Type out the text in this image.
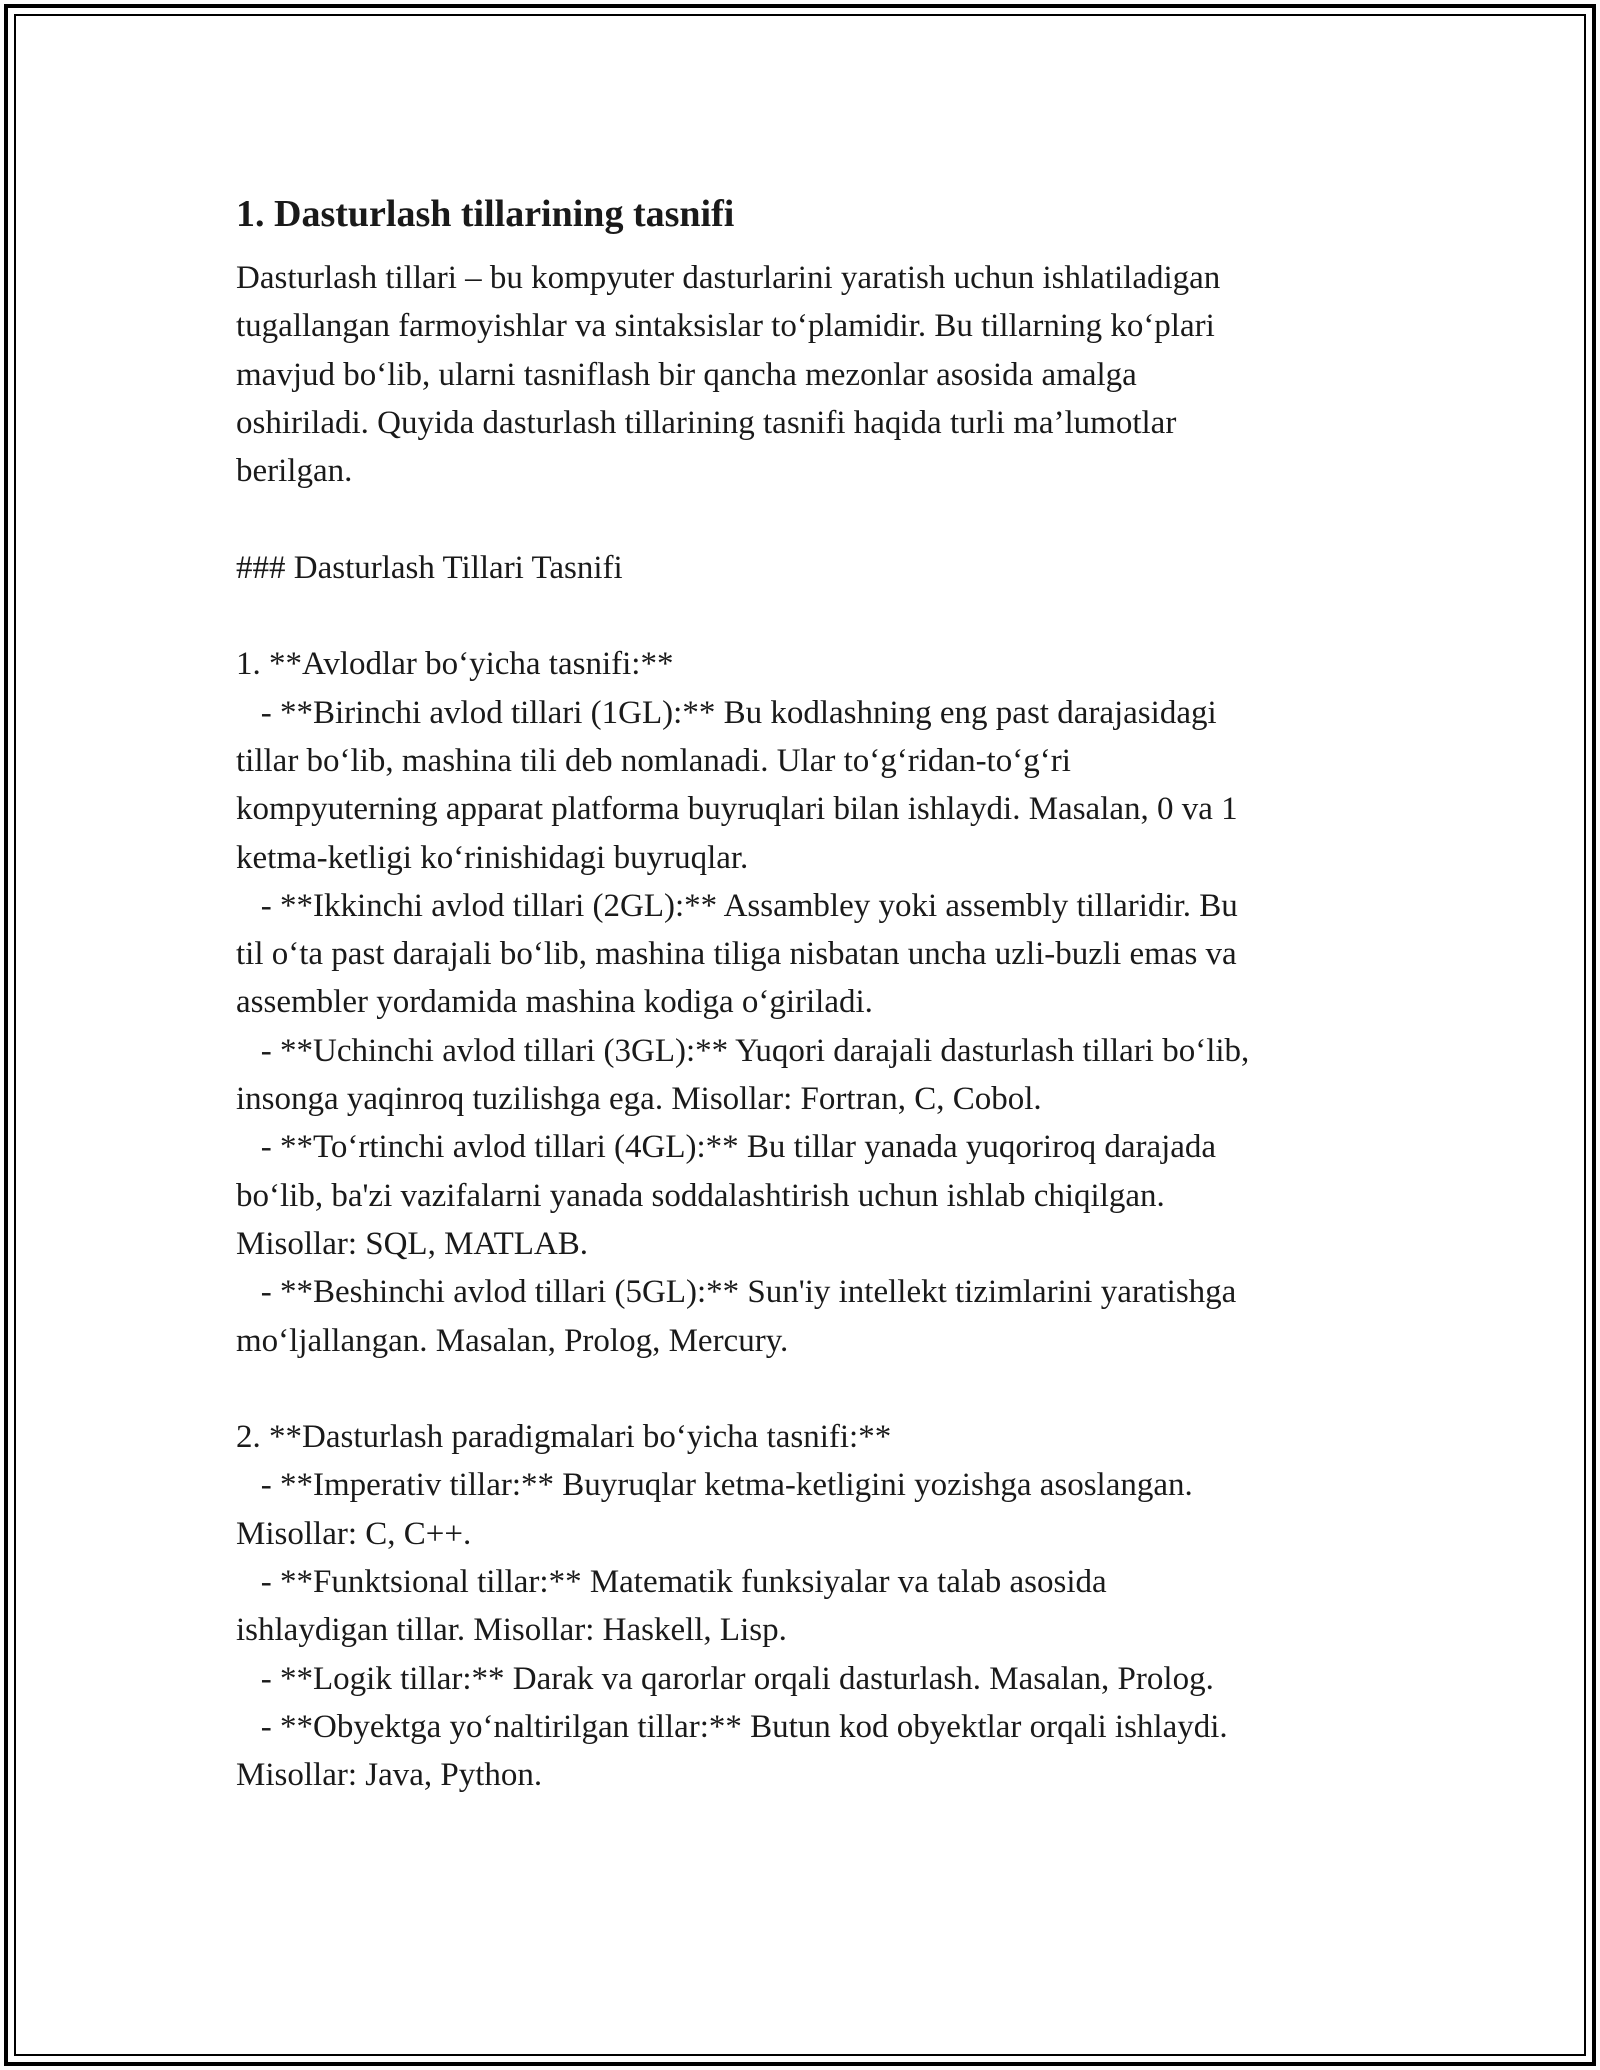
1. Dasturlash tillarining tasnifi

Dasturlash tillari – bu kompyuter dasturlarini yaratish uchun ishlatiladigan
tugallangan farmoyishlar va sintaksislar to‘plamidir. Bu tillarning ko‘plari
mavjud bo‘lib, ularni tasniflash bir qancha mezonlar asosida amalga
oshiriladi. Quyida dasturlash tillarining tasnifi haqida turli ma’lumotlar
berilgan.
### Dasturlash Tillari Tasnifi
1. **Avlodlar bo‘yicha tasnifi:**
- **Birinchi avlod tillari (1GL):** Bu kodlashning eng past darajasidagi
tillar bo‘lib, mashina tili deb nomlanadi. Ular to‘g‘ridan-to‘g‘ri
kompyuterning apparat platforma buyruqlari bilan ishlaydi. Masalan, 0 va 1
ketma-ketligi ko‘rinishidagi buyruqlar.
- **Ikkinchi avlod tillari (2GL):** Assambley yoki assembly tillaridir. Bu
til o‘ta past darajali bo‘lib, mashina tiliga nisbatan uncha uzli-buzli emas va
assembler yordamida mashina kodiga o‘giriladi.
- **Uchinchi avlod tillari (3GL):** Yuqori darajali dasturlash tillari bo‘lib,
insonga yaqinroq tuzilishga ega. Misollar: Fortran, C, Cobol.
- **To‘rtinchi avlod tillari (4GL):** Bu tillar yanada yuqoriroq darajada
bo‘lib, ba'zi vazifalarni yanada soddalashtirish uchun ishlab chiqilgan.
Misollar: SQL, MATLAB.
- **Beshinchi avlod tillari (5GL):** Sun'iy intellekt tizimlarini yaratishga
mo‘ljallangan. Masalan, Prolog, Mercury.
2. **Dasturlash paradigmalari bo‘yicha tasnifi:**
- **Imperativ tillar:** Buyruqlar ketma-ketligini yozishga asoslangan.
Misollar: C, C++.
- **Funktsional tillar:** Matematik funksiyalar va talab asosida
ishlaydigan tillar. Misollar: Haskell, Lisp.
- **Logik tillar:** Darak va qarorlar orqali dasturlash. Masalan, Prolog.
- **Obyektga yo‘naltirilgan tillar:** Butun kod obyektlar orqali ishlaydi.
Misollar: Java, Python.
